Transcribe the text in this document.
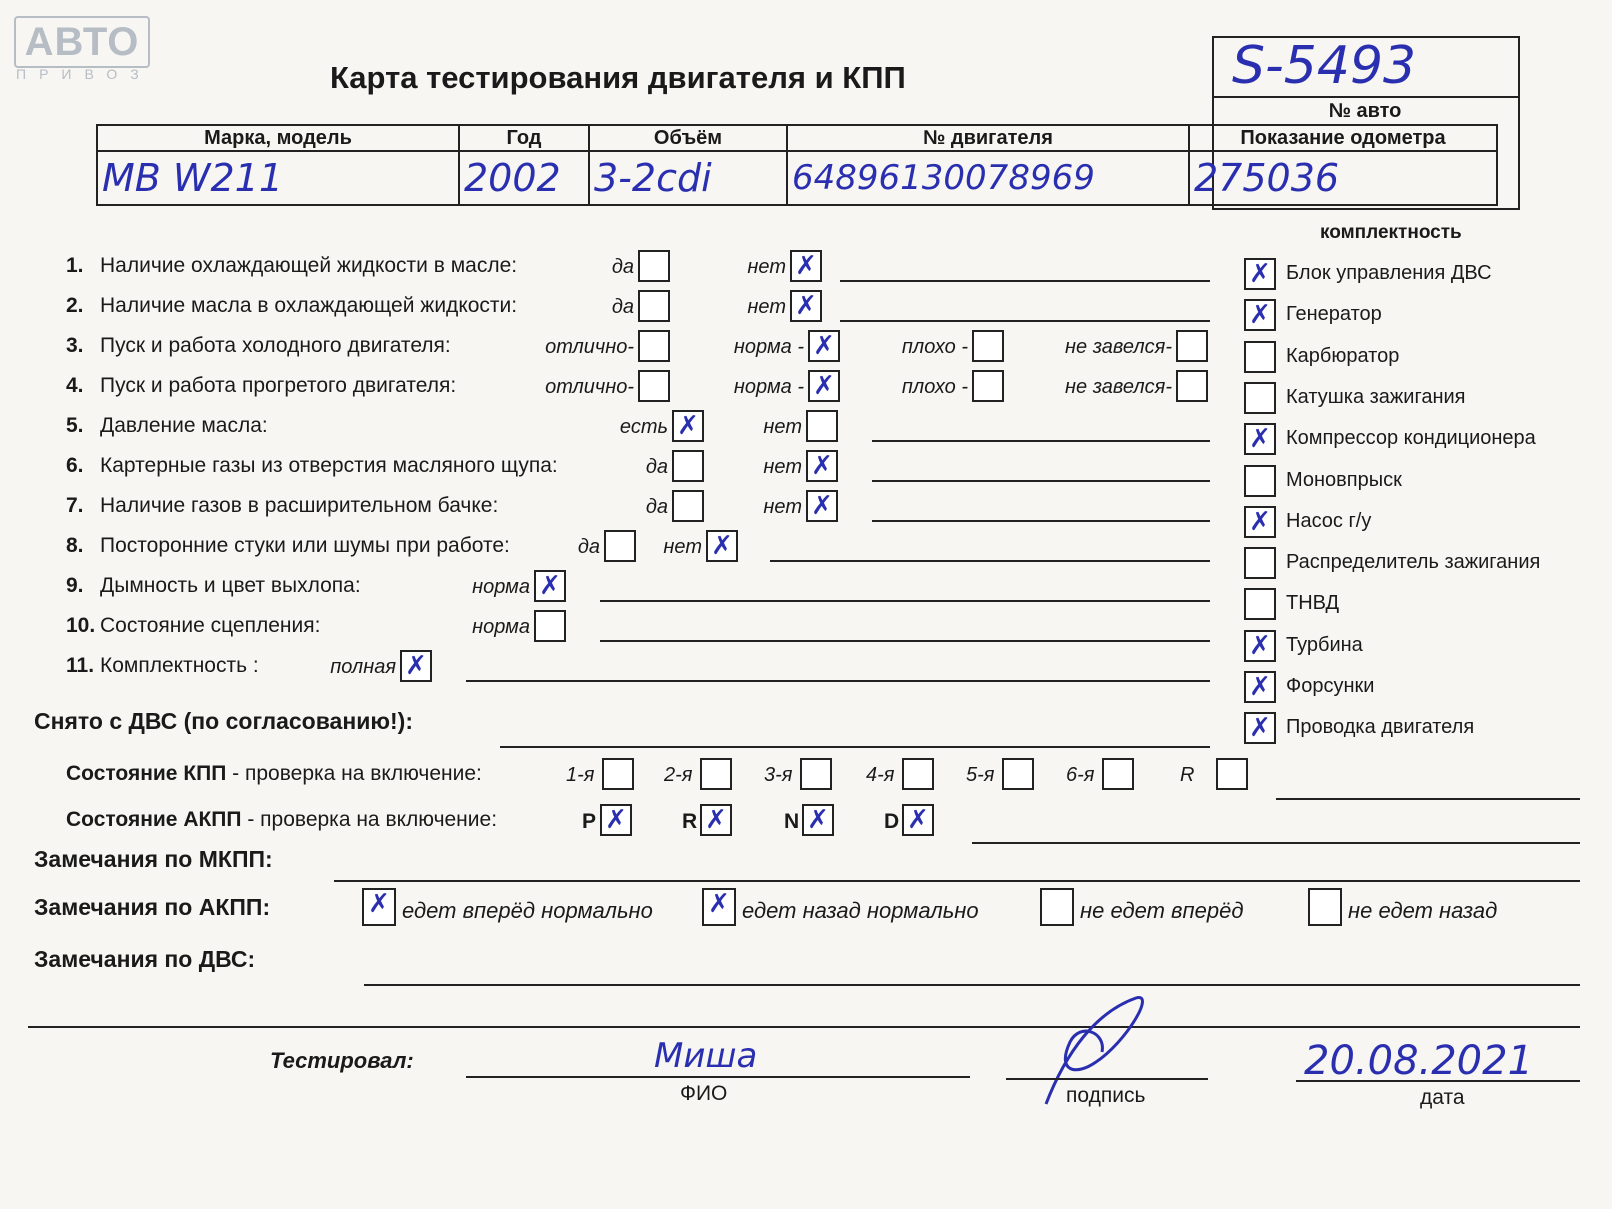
АВТО
ПРИВОЗ	Карта тестирования двигателя и КПП	S-5493
№ авто
Марка, модель	Год	Объём	№ двигателя	Показание одометра
MB W211	2002	3-2cdi	64896130078969	275036
1. Наличие охлаждающей жидкости в масле:	да	нет ✗
2. Наличие масла в охлаждающей жидкости:	да	нет ✗
3. Пуск и работа холодного двигателя:	отлично-	норма - ✗	плохо -	не завелся-
4. Пуск и работа прогретого двигателя:	отлично-	норма - ✗	плохо -	не завелся-
5. Давление масла:	есть ✗	нет
6. Картерные газы из отверстия масляного щупа:	да	нет ✗
7. Наличие газов в расширительном бачке:	да	нет ✗
8. Посторонние стуки или шумы при работе:	да	нет ✗
9. Дымность и цвет выхлопа:	норма ✗
10. Состояние сцепления:	норма
11. Комплектность :	полная ✗
комплектность
✗ Блок управления ДВС
✗ Генератор
Карбюратор
Катушка зажигания
✗ Компрессор кондиционера
Моновпрыск
✗ Насос г/у
Распределитель зажигания
ТНВД
✗ Турбина
✗ Форсунки
✗ Проводка двигателя
Снято с ДВС (по согласованию!):
Состояние КПП - проверка на включение:	1-я	2-я	3-я	4-я	5-я	6-я	R
Состояние АКПП - проверка на включение:	P ✗	R ✗	N ✗	D ✗
Замечания по МКПП:
Замечания по АКПП:	✗ едет вперёд нормально ✗ едет назад нормально	не едет вперёд	не едет назад
Замечания по ДВС:
Тестировал:	Миша
ФИО	подпись
20.08.2021
дата
